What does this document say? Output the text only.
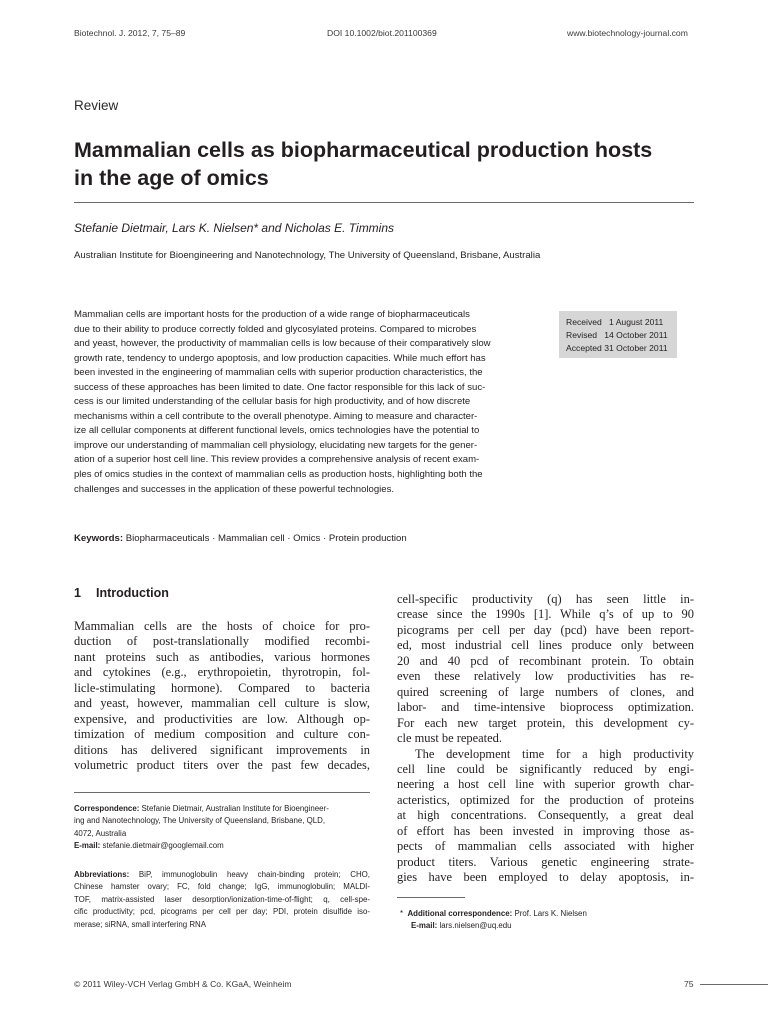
Biotechnol. J. 2012, 7, 75–89	DOI 10.1002/biot.201100369	www.biotechnology-journal.com
Review
Mammalian cells as biopharmaceutical production hosts
in the age of omics
Stefanie Dietmair, Lars K. Nielsen* and Nicholas E. Timmins
Australian Institute for Bioengineering and Nanotechnology, The University of Queensland, Brisbane, Australia
Mammalian cells are important hosts for the production of a wide range of biopharmaceuticals
due to their ability to produce correctly folded and glycosylated proteins. Compared to microbes
and yeast, however, the productivity of mammalian cells is low because of their comparatively slow
growth rate, tendency to undergo apoptosis, and low production capacities. While much effort has
been invested in the engineering of mammalian cells with superior production characteristics, the
success of these approaches has been limited to date. One factor responsible for this lack of suc-
cess is our limited understanding of the cellular basis for high productivity, and of how discrete
mechanisms within a cell contribute to the overall phenotype. Aiming to measure and character-
ize all cellular components at different functional levels, omics technologies have the potential to
improve our understanding of mammalian cell physiology, elucidating new targets for the gener-
ation of a superior host cell line. This review provides a comprehensive analysis of recent exam-
ples of omics studies in the context of mammalian cells as production hosts, highlighting both the
challenges and successes in the application of these powerful technologies.
Received 1 August 2011
Revised 14 October 2011
Accepted 31 October 2011
Keywords: Biopharmaceuticals · Mammalian cell · Omics · Protein production
1 Introduction
Mammalian cells are the hosts of choice for pro-
duction of post-translationally modified recombi-
nant proteins such as antibodies, various hormones
and cytokines (e.g., erythropoietin, thyrotropin, fol-
licle-stimulating hormone). Compared to bacteria
and yeast, however, mammalian cell culture is slow,
expensive, and productivities are low. Although op-
timization of medium composition and culture con-
ditions has delivered significant improvements in
volumetric product titers over the past few decades,
cell-specific productivity (q) has seen little in-
crease since the 1990s [1]. While q’s of up to 90
picograms per cell per day (pcd) have been report-
ed, most industrial cell lines produce only between
20 and 40 pcd of recombinant protein. To obtain
even these relatively low productivities has re-
quired screening of large numbers of clones, and
labor- and time-intensive bioprocess optimization.
For each new target protein, this development cy-
cle must be repeated.
The development time for a high productivity
cell line could be significantly reduced by engi-
neering a host cell line with superior growth char-
acteristics, optimized for the production of proteins
at high concentrations. Consequently, a great deal
of effort has been invested in improving those as-
pects of mammalian cells associated with higher
product titers. Various genetic engineering strate-
gies have been employed to delay apoptosis, in-
Correspondence: Stefanie Dietmair, Australian Institute for Bioengineer-
ing and Nanotechnology, The University of Queensland, Brisbane, QLD,
4072, Australia
E-mail: stefanie.dietmair@googlemail.com
Abbreviations: BiP, immunoglobulin heavy chain-binding protein; CHO,
Chinese hamster ovary; FC, fold change; IgG, immunoglobulin; MALDI-
TOF, matrix-assisted laser desorption/ionization-time-of-flight; q, cell-spe-
cific productivity; pcd, picograms per cell per day; PDI, protein disulfide iso-
merase; siRNA, small interfering RNA
* Additional correspondence: Prof. Lars K. Nielsen
E-mail: lars.nielsen@uq.edu
© 2011 Wiley-VCH Verlag GmbH & Co. KGaA, Weinheim	75
